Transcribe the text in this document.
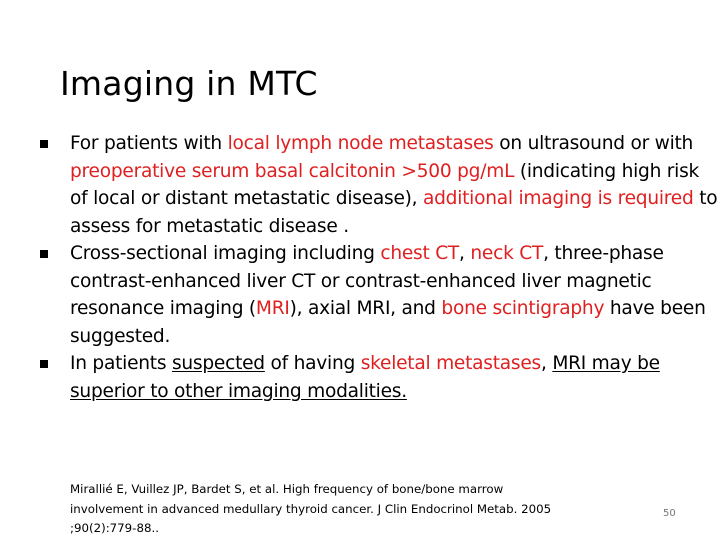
Imaging in MTC
For patients with local lymph node metastases on ultrasound or with preoperative serum basal calcitonin >500 pg/mL (indicating high risk of local or distant metastatic disease), additional imaging is required to assess for metastatic disease .
Cross-sectional imaging including chest CT, neck CT, three-phase contrast-enhanced liver CT or contrast-enhanced liver magnetic resonance imaging (MRI), axial MRI, and bone scintigraphy have been suggested.
In patients suspected of having skeletal metastases, MRI may be superior to other imaging modalities.
Mirallié E, Vuillez JP, Bardet S, et al. High frequency of bone/bone marrow
involvement in advanced medullary thyroid cancer. J Clin Endocrinol Metab. 2005
;90(2):779-88..
50
